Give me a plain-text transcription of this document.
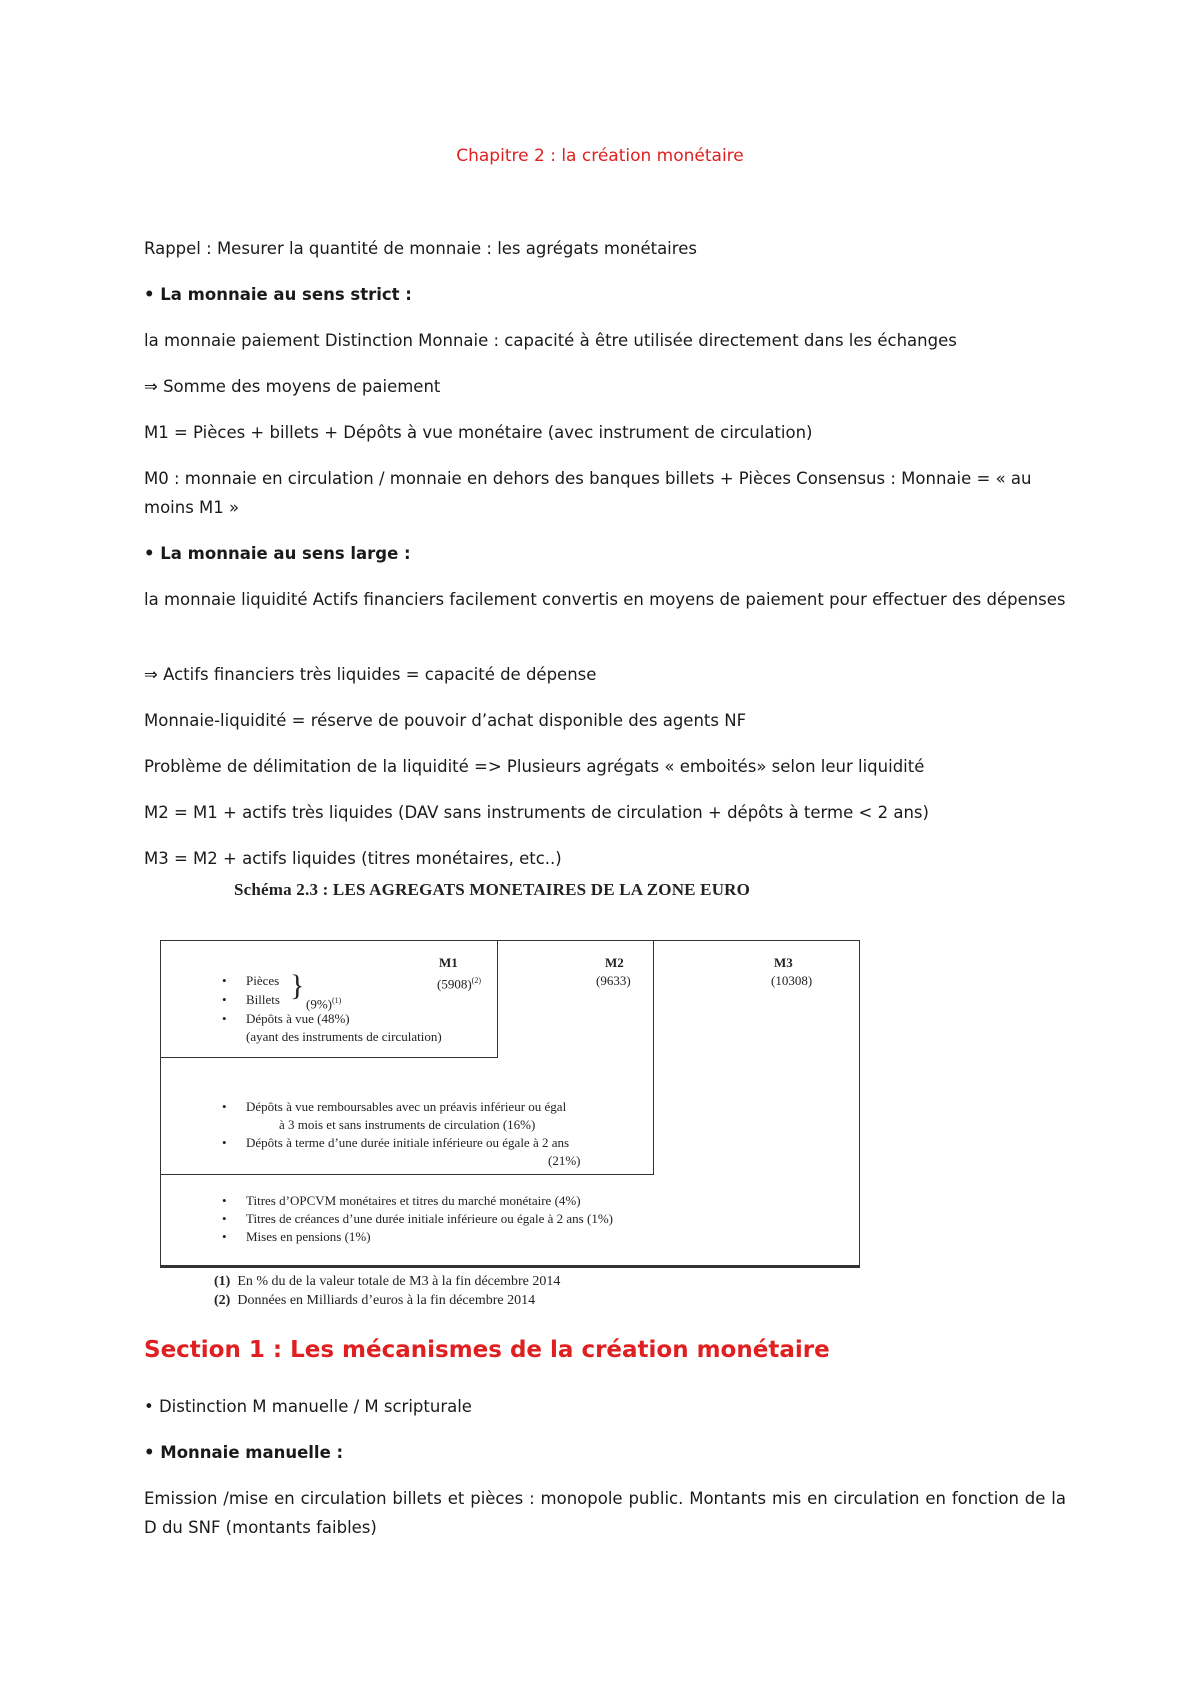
Chapitre 2 : la création monétaire

Rappel : Mesurer la quantité de monnaie : les agrégats monétaires

• La monnaie au sens strict :

la monnaie paiement Distinction Monnaie : capacité à être utilisée directement dans les échanges

⇒ Somme des moyens de paiement

M1 = Pièces + billets + Dépôts à vue monétaire (avec instrument de circulation)

M0 : monnaie en circulation / monnaie en dehors des banques billets + Pièces Consensus : Monnaie = « au moins M1 »

• La monnaie au sens large :

la monnaie liquidité Actifs financiers facilement convertis en moyens de paiement pour effectuer des dépenses

⇒ Actifs financiers très liquides = capacité de dépense

Monnaie-liquidité = réserve de pouvoir d’achat disponible des agents NF

Problème de délimitation de la liquidité => Plusieurs agrégats « emboités» selon leur liquidité

M2 = M1 + actifs très liquides (DAV sans instruments de circulation + dépôts à terme < 2 ans)

M3 = M2 + actifs liquides (titres monétaires, etc..)

Schéma 2.3 : LES AGREGATS MONETAIRES DE LA ZONE EURO
M1
$(5908)^{(2)}$
M2
(9633)
M3
(10308)
• Pièces
• Billets }
$(9\%)^{(1)}$
• Dépôts à vue (48%)
(ayant des instruments de circulation)
• Dépôts à vue remboursables avec un préavis inférieur ou égal
à 3 mois et sans instruments de circulation (16%)
• Dépôts à terme d’une durée initiale inférieure ou égale à 2 ans
(21%)
• Titres d’OPCVM monétaires et titres du marché monétaire (4%)
• Titres de créances d’une durée initiale inférieure ou égale à 2 ans (1%)
• Mises en pensions (1%)
(1) En % du de la valeur totale de M3 à la fin décembre 2014
(2) Données en Milliards d’euros à la fin décembre 2014
Section 1 : Les mécanismes de la création monétaire

• Distinction M manuelle / M scripturale

• Monnaie manuelle :

Emission /mise en circulation billets et pièces : monopole public. Montants mis en circulation en fonction de la D du SNF (montants faibles)
